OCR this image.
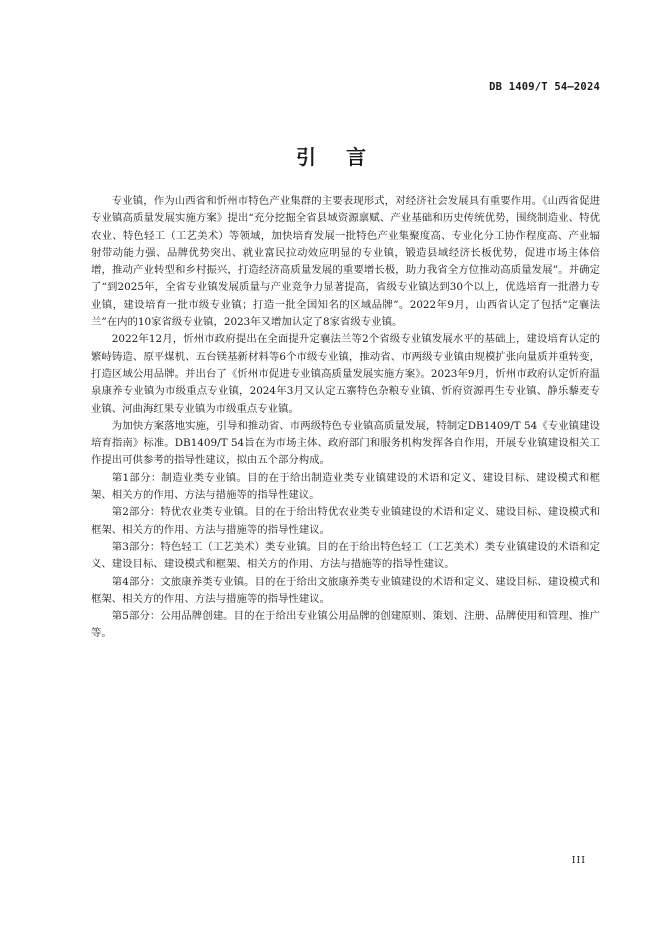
DB 1409/T 54—2024
引言

专业镇，作为山西省和忻州市特色产业集群的主要表现形式，对经济社会发展具有重要作用。《山西省促进专业镇高质量发展实施方案》提出“充分挖掘全省县域资源禀赋、产业基础和历史传统优势，围绕制造业、特优农业、特色轻工（工艺美术）等领域，加快培育发展一批特色产业集聚度高、专业化分工协作程度高、产业辐射带动能力强、品牌优势突出、就业富民拉动效应明显的专业镇，锻造县域经济长板优势，促进市场主体倍增，推动产业转型和乡村振兴，打造经济高质量发展的重要增长极，助力我省全方位推动高质量发展”。并确定了“到2025年，全省专业镇发展质量与产业竞争力显著提高，省级专业镇达到30个以上，优选培育一批潜力专业镇，建设培育一批市级专业镇；打造一批全国知名的区域品牌”。2022年9月，山西省认定了包括“定襄法兰”在内的10家省级专业镇，2023年又增加认定了8家省级专业镇。

2022年12月，忻州市政府提出在全面提升定襄法兰等2个省级专业镇发展水平的基础上，建设培育认定的繁峙铸造、原平煤机、五台镁基新材料等6个市级专业镇，推动省、市两级专业镇由规模扩张向量质并重转变，打造区域公用品牌。并出台了《忻州市促进专业镇高质量发展实施方案》。2023年9月，忻州市政府认定忻府温泉康养专业镇为市级重点专业镇，2024年3月又认定五寨特色杂粮专业镇、忻府资源再生专业镇、静乐藜麦专业镇、河曲海红果专业镇为市级重点专业镇。

为加快方案落地实施，引导和推动省、市两级特色专业镇高质量发展，特制定DB1409/T 54《专业镇建设培育指南》标准。DB1409/T 54旨在为市场主体、政府部门和服务机构发挥各自作用，开展专业镇建设相关工作提出可供参考的指导性建议，拟由五个部分构成。

第1部分：制造业类专业镇。目的在于给出制造业类专业镇建设的术语和定义、建设目标、建设模式和框架、相关方的作用、方法与措施等的指导性建议。

第2部分：特优农业类专业镇。目的在于给出特优农业类专业镇建设的术语和定义、建设目标、建设模式和框架、相关方的作用、方法与措施等的指导性建议。

第3部分：特色轻工（工艺美术）类专业镇。目的在于给出特色轻工（工艺美术）类专业镇建设的术语和定义、建设目标、建设模式和框架、相关方的作用、方法与措施等的指导性建议。

第4部分：文旅康养类专业镇。目的在于给出文旅康养类专业镇建设的术语和定义、建设目标、建设模式和框架、相关方的作用、方法与措施等的指导性建议。

第5部分：公用品牌创建。目的在于给出专业镇公用品牌的创建原则、策划、注册、品牌使用和管理、推广等。

III
